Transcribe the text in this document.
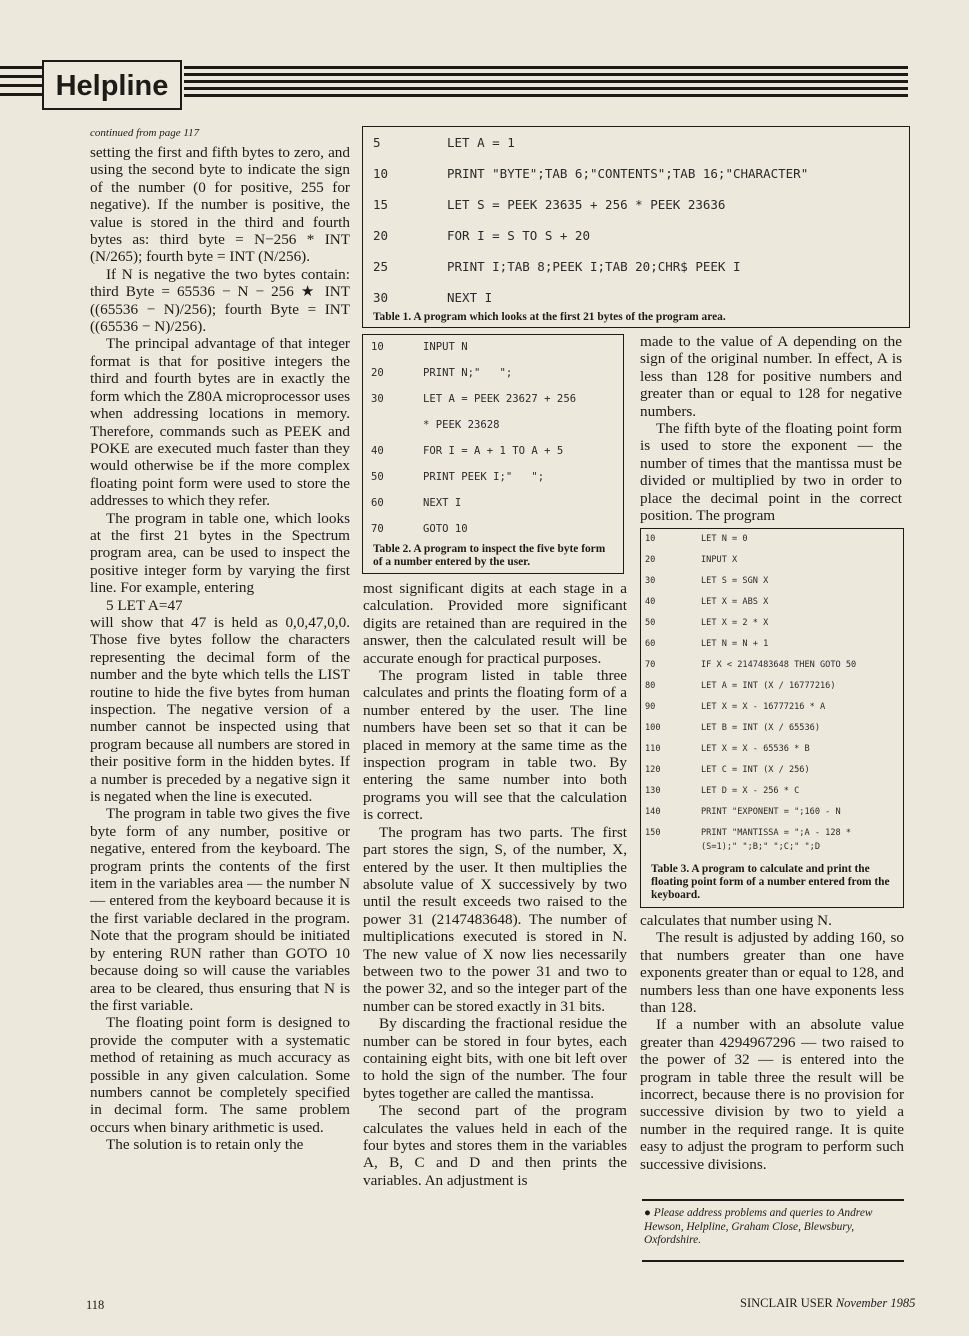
Helpline
continued from page 117

setting the first and fifth bytes to zero, and using the second byte to indicate the sign of the number (0 for positive, 255 for negative). If the number is positive, the value is stored in the third and fourth bytes as: third byte = N−256 * INT (N/265); fourth byte = INT (N/256).

If N is negative the two bytes contain: third Byte = 65536 − N − 256 ★ INT ((65536 − N)/256); fourth Byte = INT ((65536 − N)/256).

The principal advantage of that integer format is that for positive integers the third and fourth bytes are in exactly the form which the Z80A microprocessor uses when addressing locations in memory. Therefore, commands such as PEEK and POKE are executed much faster than they would otherwise be if the more complex floating point form were used to store the addresses to which they refer.

The program in table one, which looks at the first 21 bytes in the Spectrum program area, can be used to inspect the positive integer form by varying the first line. For example, entering

5 LET A=47

will show that 47 is held as 0,0,47,0,0. Those five bytes follow the characters representing the decimal form of the number and the byte which tells the LIST routine to hide the five bytes from human inspection. The negative version of a number cannot be inspected using that program because all numbers are stored in their positive form in the hidden bytes. If a number is preceded by a negative sign it is negated when the line is executed.

The program in table two gives the five byte form of any number, positive or negative, entered from the keyboard. The program prints the contents of the first item in the variables area — the number N — entered from the keyboard because it is the first variable declared in the program. Note that the program should be initiated by entering RUN rather than GOTO 10 because doing so will cause the variables area to be cleared, thus ensuring that N is the first variable.

The floating point form is designed to provide the computer with a systematic method of retaining as much accuracy as possible in any given calculation. Some numbers cannot be completely specified in decimal form. The same problem occurs when binary arithmetic is used.

The solution is to retain only the

5	LET A = 1
10	PRINT "BYTE";TAB 6;"CONTENTS";TAB 16;"CHARACTER"
15	LET S = PEEK 23635 + 256 * PEEK 23636
20	FOR I = S TO S + 20
25	PRINT I;TAB 8;PEEK I;TAB 20;CHR$ PEEK I
30	NEXT I
Table 1. A program which looks at the first 21 bytes of the program area.
10	INPUT N
20	PRINT N;"   ";
30	LET A = PEEK 23627 + 256
* PEEK 23628
40	FOR I = A + 1 TO A + 5
50	PRINT PEEK I;"   ";
60	NEXT I
70	GOTO 10
Table 2. A program to inspect the five byte form of a number entered by the user.

most significant digits at each stage in a calculation. Provided more significant digits are retained than are required in the answer, then the calculated result will be accurate enough for practical purposes.

The program listed in table three calculates and prints the floating form of a number entered by the user. The line numbers have been set so that it can be placed in memory at the same time as the inspection program in table two. By entering the same number into both programs you will see that the calculation is correct.

The program has two parts. The first part stores the sign, S, of the number, X, entered by the user. It then multiplies the absolute value of X successively by two until the result exceeds two raised to the power 31 (2147483648). The number of multiplications executed is stored in N. The new value of X now lies necessarily between two to the power 31 and two to the power 32, and so the integer part of the number can be stored exactly in 31 bits.

By discarding the fractional residue the number can be stored in four bytes, each containing eight bits, with one bit left over to hold the sign of the number. The four bytes together are called the mantissa.

The second part of the program calculates the values held in each of the four bytes and stores them in the variables A, B, C and D and then prints the variables. An adjustment is

made to the value of A depending on the sign of the original number. In effect, A is less than 128 for positive numbers and greater than or equal to 128 for negative numbers.

The fifth byte of the floating point form is used to store the exponent — the number of times that the mantissa must be divided or multiplied by two in order to place the decimal point in the correct position. The program

10	LET N = 0
20	INPUT X
30	LET S = SGN X
40	LET X = ABS X
50	LET X = 2 * X
60	LET N = N + 1
70	IF X < 2147483648 THEN GOTO 50
80	LET A = INT (X / 16777216)
90	LET X = X - 16777216 * A
100	LET B = INT (X / 65536)
110	LET X = X - 65536 * B
120	LET C = INT (X / 256)
130	LET D = X - 256 * C
140	PRINT "EXPONENT = ";160 - N
150	PRINT "MANTISSA = ";A - 128 *
(S=1);" ";B;" ";C;" ";D
Table 3. A program to calculate and print the floating point form of a number entered from the keyboard.

calculates that number using N.

The result is adjusted by adding 160, so that numbers greater than one have exponents greater than or equal to 128, and numbers less than one have exponents less than 128.

If a number with an absolute value greater than 4294967296 — two raised to the power of 32 — is entered into the program in table three the result will be incorrect, because there is no provision for successive division by two to yield a number in the required range. It is quite easy to adjust the program to perform such successive divisions.

● Please address problems and queries to Andrew Hewson, Helpline, Graham Close, Blewsbury, Oxfordshire.
118	SINCLAIR USER November 1985
